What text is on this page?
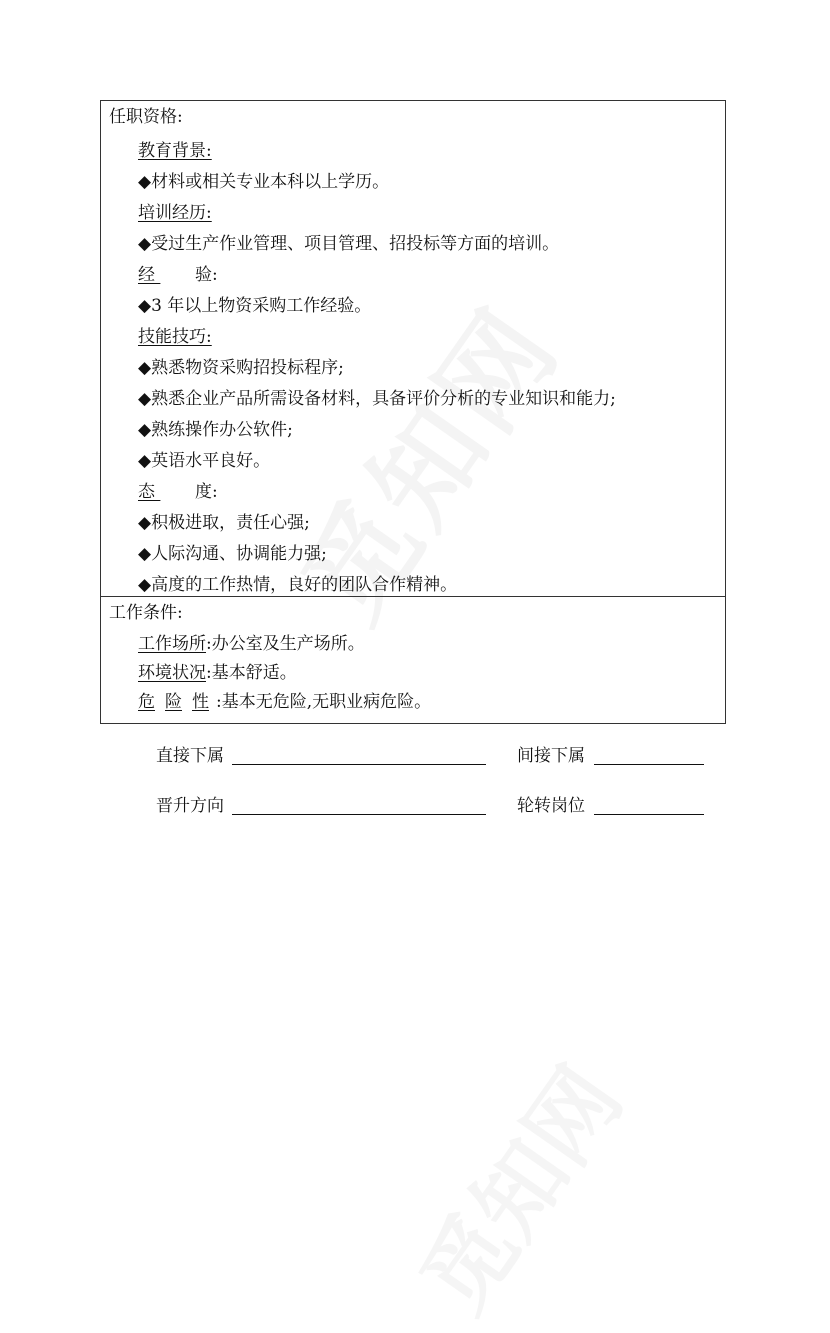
任职资格:
教育背景:
◆材料或相关专业本科以上学历。
培训经历:
◆受过生产作业管理、项目管理、招投标等方面的培训。
经 验:

◆3 年以上物资采购工作经验。
技能技巧:
◆熟悉物资采购招投标程序;
◆熟悉企业产品所需设备材料，具备评价分析的专业知识和能力;
◆熟练操作办公软件;
◆英语水平良好。
态 度:

◆积极进取，责任心强;
◆人际沟通、协调能力强;
◆高度的工作热情，良好的团队合作精神。
工作条件:
工作场所:办公室及生产场所。
环境状况:基本舒适。
危 险 性 :基本无危险,无职业病危险。
直接下属	间接下属
晋升方向	轮转岗位
